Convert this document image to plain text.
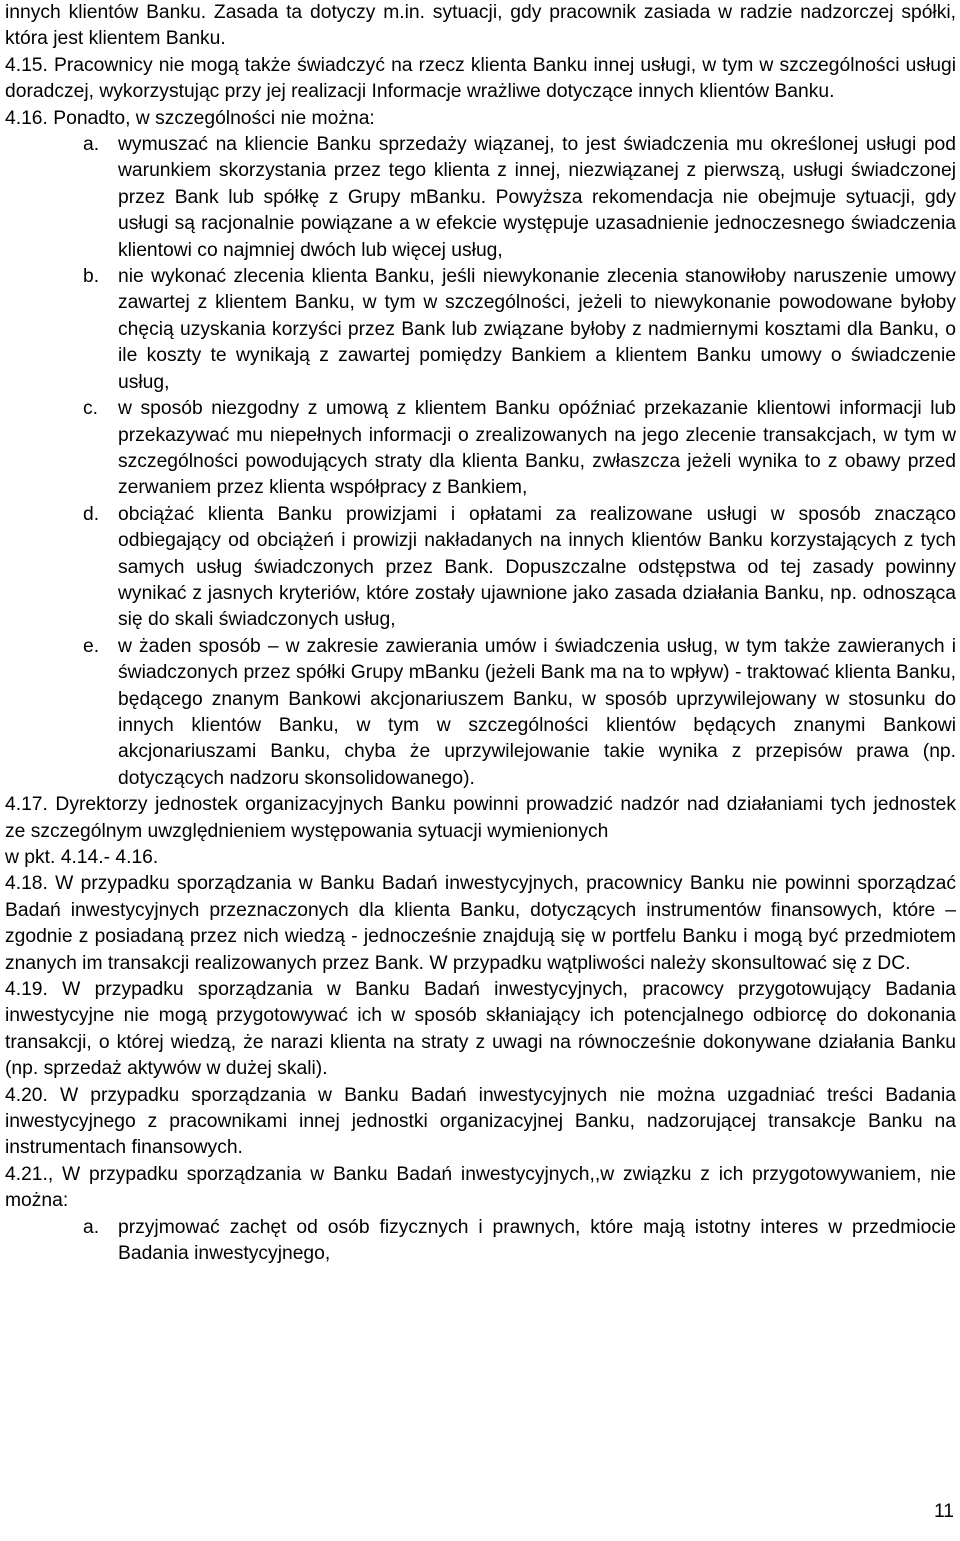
innych klientów Banku. Zasada ta dotyczy m.in. sytuacji, gdy pracownik zasiada w radzie nadzorczej spółki, która jest klientem Banku.

4.15. Pracownicy nie mogą także świadczyć na rzecz klienta Banku innej usługi, w tym w szczególności usługi doradczej, wykorzystując przy jej realizacji Informacje wrażliwe dotyczące innych klientów Banku.

4.16. Ponadto, w szczególności nie można:

a. wymuszać na kliencie Banku sprzedaży wiązanej, to jest świadczenia mu określonej usługi pod warunkiem skorzystania przez tego klienta z innej, niezwiązanej z pierwszą, usługi świadczonej przez Bank lub spółkę z Grupy mBanku. Powyższa rekomendacja nie obejmuje sytuacji, gdy usługi są racjonalnie powiązane a w efekcie występuje uzasadnienie jednoczesnego świadczenia klientowi co najmniej dwóch lub więcej usług,
b. nie wykonać zlecenia klienta Banku, jeśli niewykonanie zlecenia stanowiłoby naruszenie umowy zawartej z klientem Banku, w tym w szczególności, jeżeli to niewykonanie powodowane byłoby chęcią uzyskania korzyści przez Bank lub związane byłoby z nadmiernymi kosztami dla Banku, o ile koszty te wynikają z zawartej pomiędzy Bankiem a klientem Banku umowy o świadczenie usług,
c. w sposób niezgodny z umową z klientem Banku opóźniać przekazanie klientowi informacji lub przekazywać mu niepełnych informacji o zrealizowanych na jego zlecenie transakcjach, w tym w szczególności powodujących straty dla klienta Banku, zwłaszcza jeżeli wynika to z obawy przed zerwaniem przez klienta współpracy z Bankiem,
d. obciążać klienta Banku prowizjami i opłatami za realizowane usługi w sposób znacząco odbiegający od obciążeń i prowizji nakładanych na innych klientów Banku korzystających z tych samych usług świadczonych przez Bank. Dopuszczalne odstępstwa od tej zasady powinny wynikać z jasnych kryteriów, które zostały ujawnione jako zasada działania Banku, np. odnosząca się do skali świadczonych usług,
e. w żaden sposób – w zakresie zawierania umów i świadczenia usług, w tym także zawieranych i świadczonych przez spółki Grupy mBanku (jeżeli Bank ma na to wpływ) - traktować klienta Banku, będącego znanym Bankowi akcjonariuszem Banku, w sposób uprzywilejowany w stosunku do innych klientów Banku, w tym w szczególności klientów będących znanymi Bankowi akcjonariuszami Banku, chyba że uprzywilejowanie takie wynika z przepisów prawa (np. dotyczących nadzoru skonsolidowanego).

4.17. Dyrektorzy jednostek organizacyjnych Banku powinni prowadzić nadzór nad działaniami tych jednostek ze szczególnym uwzględnieniem występowania sytuacji wymienionych

w pkt. 4.14.- 4.16.

4.18. W przypadku sporządzania w Banku Badań inwestycyjnych, pracownicy Banku nie powinni sporządzać Badań inwestycyjnych przeznaczonych dla klienta Banku, dotyczących instrumentów finansowych, które – zgodnie z posiadaną przez nich wiedzą - jednocześnie znajdują się w portfelu Banku i mogą być przedmiotem znanych im transakcji realizowanych przez Bank. W przypadku wątpliwości należy skonsultować się z DC.

4.19. W przypadku sporządzania w Banku Badań inwestycyjnych, pracowcy przygotowujący Badania inwestycyjne nie mogą przygotowywać ich w sposób skłaniający ich potencjalnego odbiorcę do dokonania transakcji, o której wiedzą, że narazi klienta na straty z uwagi na równocześnie dokonywane działania Banku (np. sprzedaż aktywów w dużej skali).

4.20. W przypadku sporządzania w Banku Badań inwestycyjnych nie można uzgadniać treści Badania inwestycyjnego z pracownikami innej jednostki organizacyjnej Banku, nadzorującej transakcje Banku na instrumentach finansowych.

4.21., W przypadku sporządzania w Banku Badań inwestycyjnych,,w związku z ich przygotowywaniem, nie można:

a. przyjmować zachęt od osób fizycznych i prawnych, które mają istotny interes w przedmiocie Badania inwestycyjnego,
11
